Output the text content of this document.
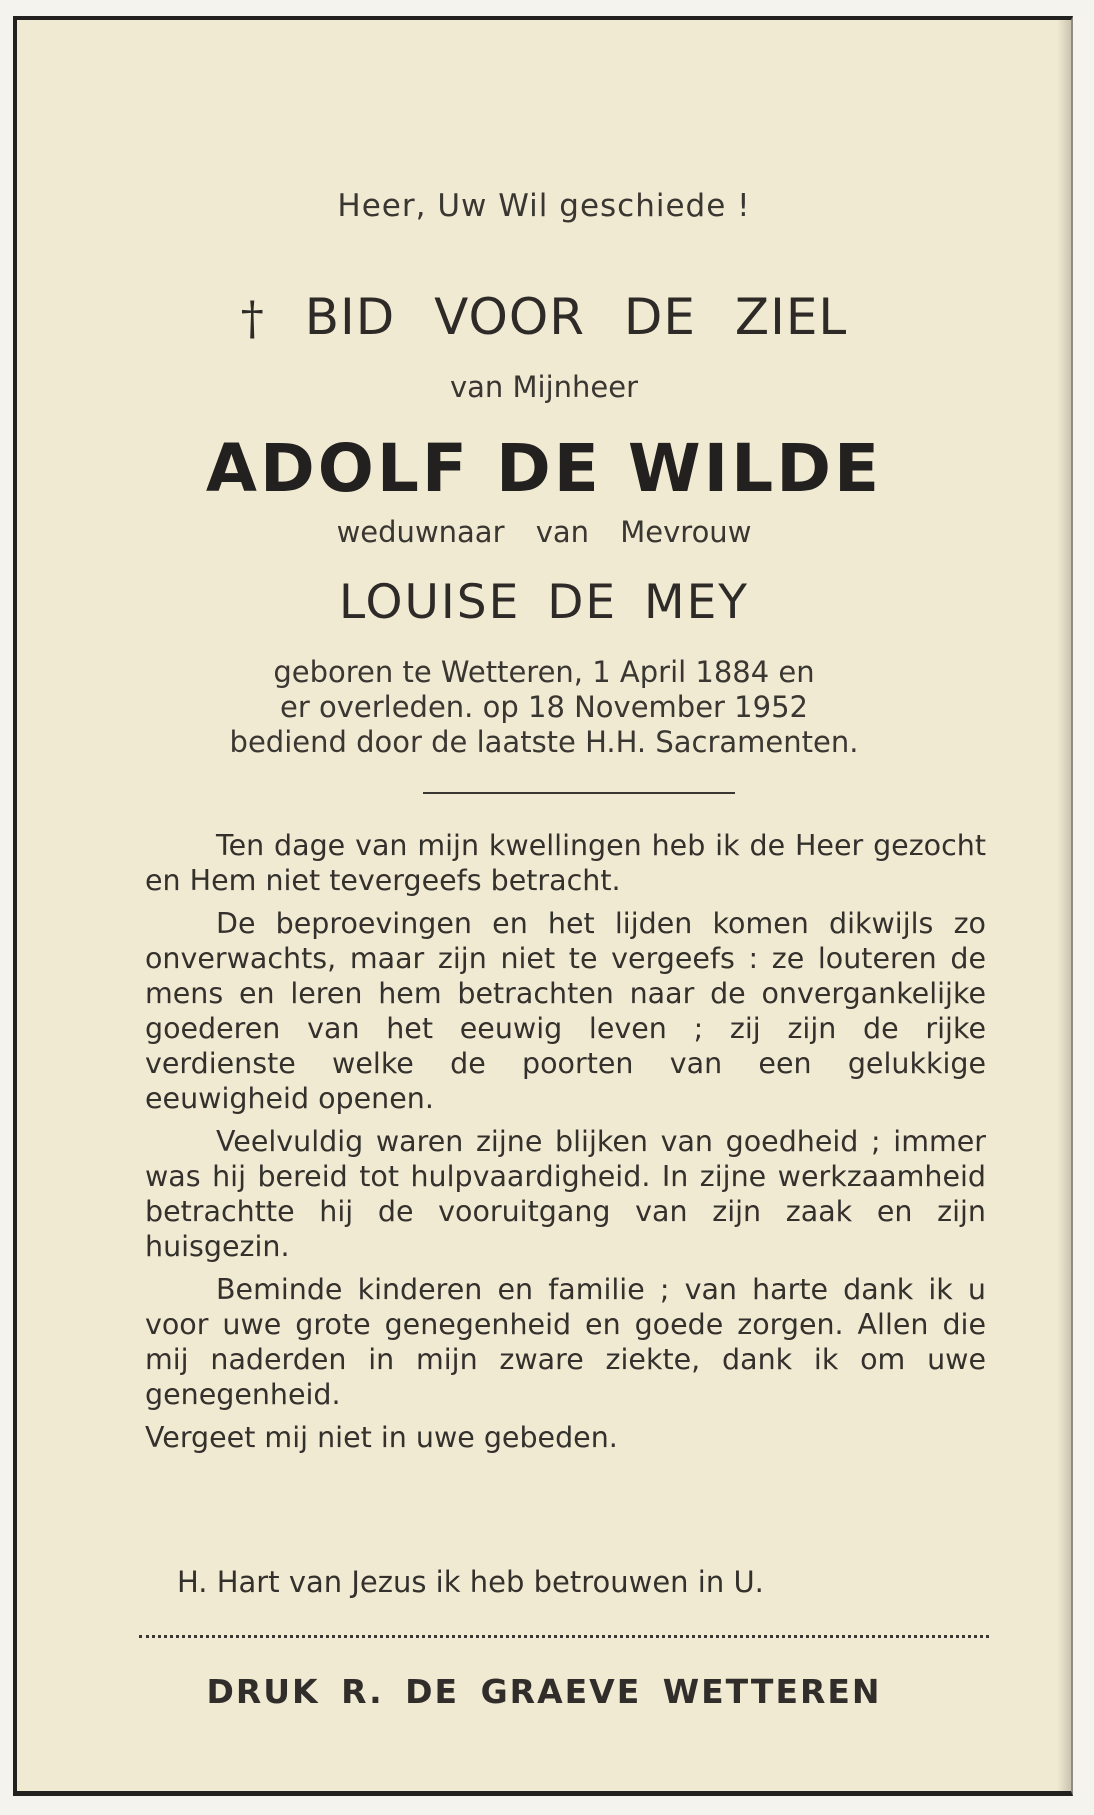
Heer, Uw Wil geschiede !
† BID VOOR DE ZIEL
van Mijnheer
ADOLF DE WILDE
weduwnaar van Mevrouw
LOUISE DE MEY
geboren te Wetteren, 1 April 1884 en
er overleden. op 18 November 1952
bediend door de laatste H.H. Sacramenten.

Ten dage van mijn kwellingen heb ik de Heer gezocht en Hem niet tevergeefs betracht.

De beproevingen en het lijden komen dikwijls zo onverwachts, maar zijn niet te vergeefs : ze louteren de mens en leren hem betrachten naar de onvergankelijke goederen van het eeuwig leven ; zij zijn de rijke verdienste welke de poorten van een gelukkige eeuwigheid openen.

Veelvuldig waren zijne blijken van goedheid ; immer was hij bereid tot hulpvaardigheid. In zijne werkzaamheid betrachtte hij de vooruitgang van zijn zaak en zijn huisgezin.

Beminde kinderen en familie ; van harte dank ik u voor uwe grote genegenheid en goede zorgen. Allen die mij naderden in mijn zware ziekte, dank ik om uwe genegenheid.

Vergeet mij niet in uwe gebeden.

H. Hart van Jezus ik heb betrouwen in U.
DRUK R. DE GRAEVE WETTEREN
